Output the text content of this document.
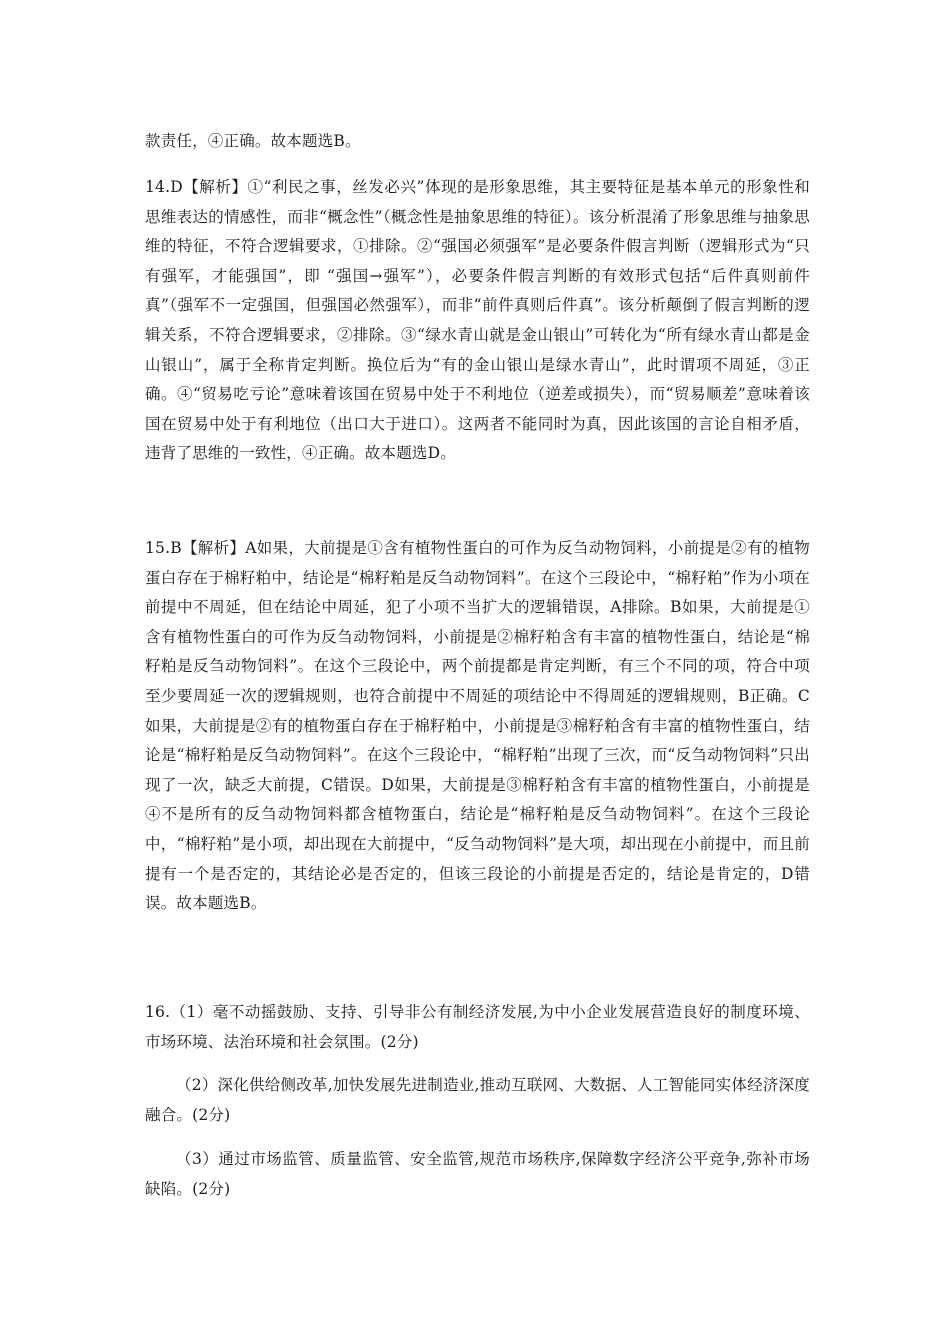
款责任，④正确。故本题选B。

14.D【解析】①“利民之事，丝发必兴”体现的是形象思维，其主要特征是基本单元的形象性和思维表达的情感性，而非“概念性”（概念性是抽象思维的特征）。该分析混淆了形象思维与抽象思维的特征，不符合逻辑要求，①排除。②“强国必须强军”是必要条件假言判断（逻辑形式为“只有强军，才能强国”，即 “强国→强军”），必要条件假言判断的有效形式包括“后件真则前件真”（强军不一定强国，但强国必然强军），而非“前件真则后件真”。该分析颠倒了假言判断的逻辑关系，不符合逻辑要求，②排除。③“绿水青山就是金山银山”可转化为“所有绿水青山都是金山银山”，属于全称肯定判断。换位后为“有的金山银山是绿水青山”，此时谓项不周延，③正确。④“贸易吃亏论”意味着该国在贸易中处于不利地位（逆差或损失），而“贸易顺差”意味着该国在贸易中处于有利地位（出口大于进口）。这两者不能同时为真，因此该国的言论自相矛盾，违背了思维的一致性，④正确。故本题选D。

15.B【解析】A如果，大前提是①含有植物性蛋白的可作为反刍动物饲料，小前提是②有的植物蛋白存在于棉籽粕中，结论是“棉籽粕是反刍动物饲料”。在这个三段论中，“棉籽粕”作为小项在前提中不周延，但在结论中周延，犯了小项不当扩大的逻辑错误，A排除。B如果，大前提是①含有植物性蛋白的可作为反刍动物饲料，小前提是②棉籽粕含有丰富的植物性蛋白，结论是“棉籽粕是反刍动物饲料”。在这个三段论中，两个前提都是肯定判断，有三个不同的项，符合中项至少要周延一次的逻辑规则，也符合前提中不周延的项结论中不得周延的逻辑规则，B正确。C如果，大前提是②有的植物蛋白存在于棉籽粕中，小前提是③棉籽粕含有丰富的植物性蛋白，结论是“棉籽粕是反刍动物饲料”。在这个三段论中，“棉籽粕”出现了三次，而“反刍动物饲料”只出现了一次，缺乏大前提，C错误。D如果，大前提是③棉籽粕含有丰富的植物性蛋白，小前提是④不是所有的反刍动物饲料都含植物蛋白，结论是“棉籽粕是反刍动物饲料”。在这个三段论中，“棉籽粕”是小项，却出现在大前提中，“反刍动物饲料”是大项，却出现在小前提中，而且前提有一个是否定的，其结论必是否定的，但该三段论的小前提是否定的，结论是肯定的，D错误。故本题选B。

16.（1）毫不动摇鼓励、支持、引导非公有制经济发展,为中小企业发展营造良好的制度环境、市场环境、法治环境和社会氛围。(2分)

（2）深化供给侧改革,加快发展先进制造业,推动互联网、大数据、人工智能同实体经济深度融合。(2分)

（3）通过市场监管、质量监管、安全监管,规范市场秩序,保障数字经济公平竞争,弥补市场缺陷。(2分)
